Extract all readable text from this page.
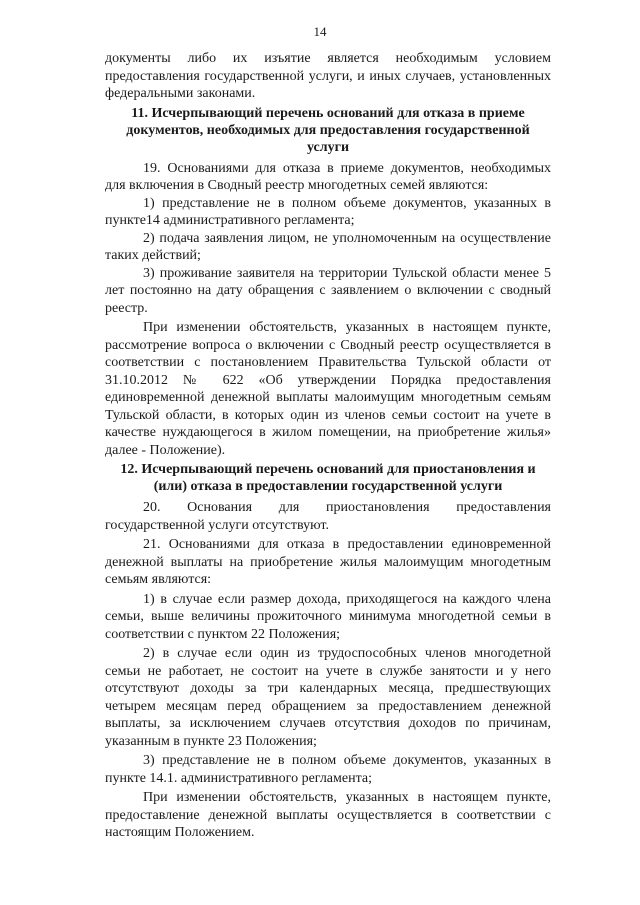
14

документы либо их изъятие является необходимым условием предоставления государственной услуги, и иных случаев, установленных федеральными законами.

11. Исчерпывающий перечень оснований для отказа в приеме документов, необходимых для предоставления государственной услуги

19. Основаниями для отказа в приеме документов, необходимых для включения в Сводный реестр многодетных семей являются:

1) представление не в полном объеме документов, указанных в пункте14 административного регламента;

2) подача заявления лицом, не уполномоченным на осуществление таких действий;

3) проживание заявителя на территории Тульской области менее 5 лет постоянно на дату обращения с заявлением о включении с сводный реестр.

При изменении обстоятельств, указанных в настоящем пункте, рассмотрение вопроса о включении с Сводный реестр осуществляется в соответствии с постановлением Правительства Тульской области от 31.10.2012 № 622 «Об утверждении Порядка предоставления единовременной денежной выплаты малоимущим многодетным семьям Тульской области, в которых один из членов семьи состоит на учете в качестве нуждающегося в жилом помещении, на приобретение жилья» далее - Положение).

12. Исчерпывающий перечень оснований для приостановления и (или) отказа в предоставлении государственной услуги

20. Основания для приостановления предоставления государственной услуги отсутствуют.

21. Основаниями для отказа в предоставлении единовременной денежной выплаты на приобретение жилья малоимущим многодетным семьям являются:

1) в случае если размер дохода, приходящегося на каждого члена семьи, выше величины прожиточного минимума многодетной семьи в соответствии с пунктом 22 Положения;

2) в случае если один из трудоспособных членов многодетной семьи не работает, не состоит на учете в службе занятости и у него отсутствуют доходы за три календарных месяца, предшествующих четырем месяцам перед обращением за предоставлением денежной выплаты, за исключением случаев отсутствия доходов по причинам, указанным в пункте 23 Положения;

3) представление не в полном объеме документов, указанных в пункте 14.1. административного регламента;

При изменении обстоятельств, указанных в настоящем пункте, предоставление денежной выплаты осуществляется в соответствии с настоящим Положением.
